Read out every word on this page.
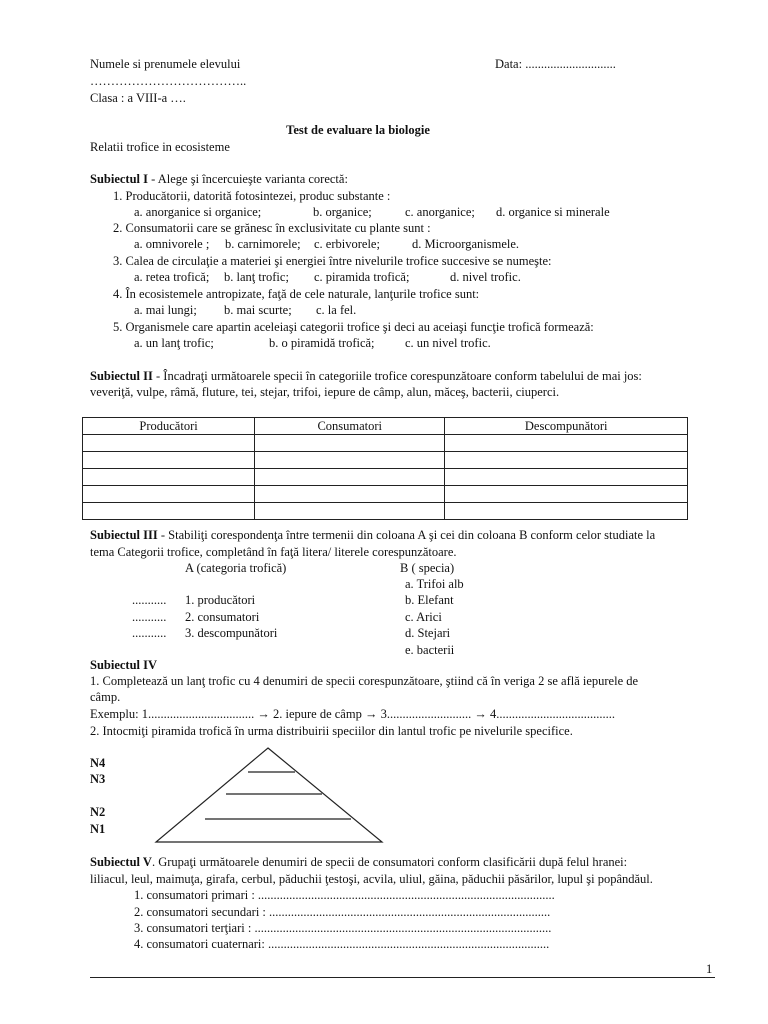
Numele si prenumele elevului	Data: .............................
………………………………..
Clasa : a VIII-a ….
Test de evaluare la biologie
Relatii trofice in ecosisteme
Subiectul I - Alege şi încercuieşte varianta corectă:
1. Producǎtorii, datoritǎ fotosintezei, produc substante :
a. anorganice si organice;	b. organice;	c. anorganice; d. organice si minerale
2. Consumatorii care se grănesc în exclusivitate cu plante sunt :
a. omnivorele ; b. carnimorele; c. erbivorele;	d. Microorganismele.
3. Calea de circulaţie a materiei şi energiei între nivelurile trofice succesive se numeşte:
a. retea trofică; b. lanţ trofic; c. piramida trofică;	d. nivel trofic.
4. În ecosistemele antropizate, faţă de cele naturale, lanţurile trofice sunt:
a. mai lungi; b. mai scurte; c. la fel.
5. Organismele care apartin aceleiaşi categorii trofice şi deci au aceiaşi funcţie trofică formează:
a. un lanţ trofic;	b. o piramidă trofică; c. un nivel trofic.
Subiectul II - Încadraţi următoarele specii în categoriile trofice corespunzătoare conform tabelului de mai jos:
veveriţă, vulpe, râmă, fluture, tei, stejar, trifoi, iepure de câmp, alun, măceş, bacterii, ciuperci.
Producǎtori	Consumatori	Descompunǎtori

Subiectul III - Stabiliţi corespondenţa între termenii din coloana A şi cei din coloana B conform celor studiate la
tema Categorii trofice, completând în faţă litera/ literele corespunzătoare.
A (categoria trofică)	B ( specia)
a. Trifoi alb
........... 1. producǎtori	b. Elefant
........... 2. consumatori	c. Arici
........... 3. descompunǎtori	d. Stejari
e. bacterii
Subiectul IV
1. Completează un lanţ trofic cu 4 denumiri de specii corespunzătoare, ştiind că în veriga 2 se află iepurele de
câmp.
Exemplu: 1.................................. → 2. iepure de câmp → 3........................... → 4......................................
2. Intocmiţi piramida trofică în urma distribuirii speciilor din lantul trofic pe nivelurile specifice.
N4
N3
N2
N1
Subiectul V. Grupaţi următoarele denumiri de specii de consumatori conform clasificării după felul hranei:
liliacul, leul, maimuţa, girafa, cerbul, păduchii ţestoşi, acvila, uliul, găina, păduchii păsărilor, lupul şi popândăul.
1. consumatori primari : ...............................................................................................
2. consumatori secundari : ..........................................................................................
3. consumatori terţiari : ...............................................................................................
4. consumatori cuaternari: ..........................................................................................
1
